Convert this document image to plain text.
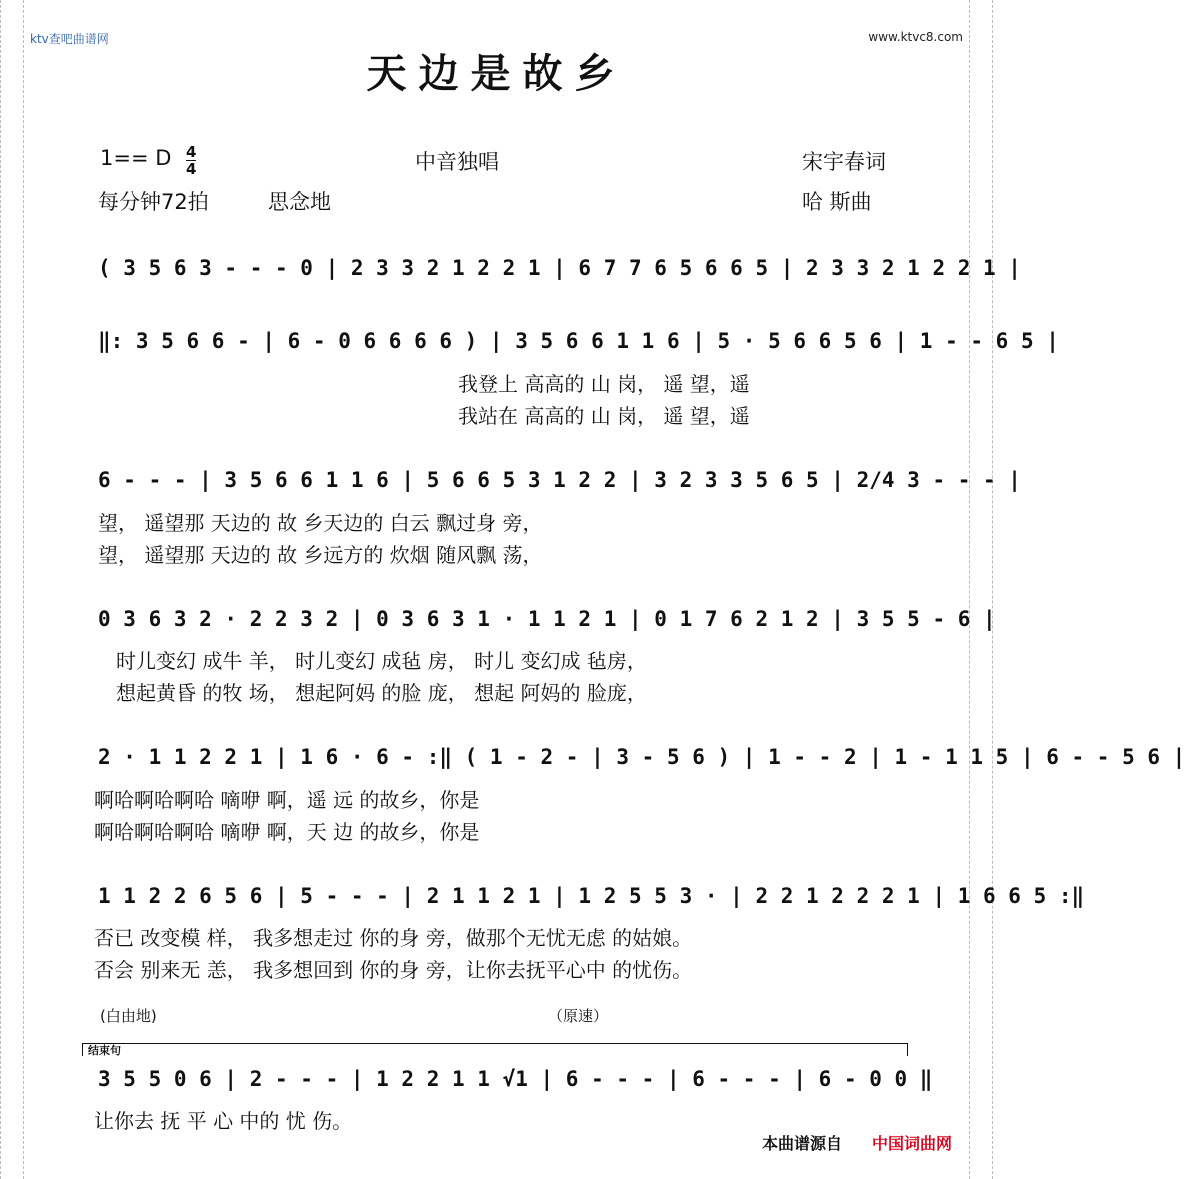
ktv查吧曲谱网	www.ktvc8.com
天边是故乡
1== D $\frac{4}{4}$	中音独唱	宋宇春词
每分钟72拍	思念地	哈 斯曲
( 3 5 6 3 - - - 0 | 2 3 3 2 1 2 2 1 | 6 7 7 6 5 6 6 5 | 2 3 3 2 1 2 2 1 |
‖: 3 5 6 6 - | 6 - 0 6 6 6 6 ) | 3 5 6 6 1 1 6 | 5 · 5 6 6 5 6 | 1 - - 6 5 |
我登上 高高的 山 岗， 遥 望，遥
我站在 高高的 山 岗， 遥 望，遥
6 - - - | 3 5 6 6 1 1 6 | 5 6 6 5 3 1 2 2 | 3 2 3 3 5 6 5 | 2/4 3 - - - |
望， 遥望那 天边的 故 乡天边的 白云 飘过身 旁，
望， 遥望那 天边的 故 乡远方的 炊烟 随风飘 荡，
0 3 6 3 2 · 2 2 3 2 | 0 3 6 3 1 · 1 1 2 1 | 0 1 7 6 2 1 2 | 3 5 5 - 6 |
时儿变幻 成牛 羊， 时儿变幻 成毡 房， 时儿 变幻成 毡房，
想起黄昏 的牧 场， 想起阿妈 的脸 庞， 想起 阿妈的 脸庞，
2 · 1 1 2 2 1 | 1 6 · 6 - :‖ ( 1 - 2 - | 3 - 5 6 ) | 1 - - 2 | 1 - 1 1 5 | 6 - - 5 6 |
啊哈啊哈啊哈 嘀咿 啊，遥 远 的故乡，你是
啊哈啊哈啊哈 嘀咿 啊，天 边 的故乡，你是
1 1 2 2 6 5 6 | 5 - - - | 2 1 1 2 1 | 1 2 5 5 3 · | 2 2 1 2 2 2 1 | 1 6 6 5 :‖
否已 改变模 样， 我多想走过 你的身 旁，做那个无忧无虑 的姑娘。
否会 别来无 恙， 我多想回到 你的身 旁，让你去抚平心中 的忧伤。
(白由地)	（原速）
结束句
3 5 5 0 6 | 2 - - - | 1 2 2 1 1 √1 | 6 - - - | 6 - - - | 6 - 0 0 ‖
让你去 抚 平 心 中的 忧 伤。
本曲谱源自 中国词曲网
